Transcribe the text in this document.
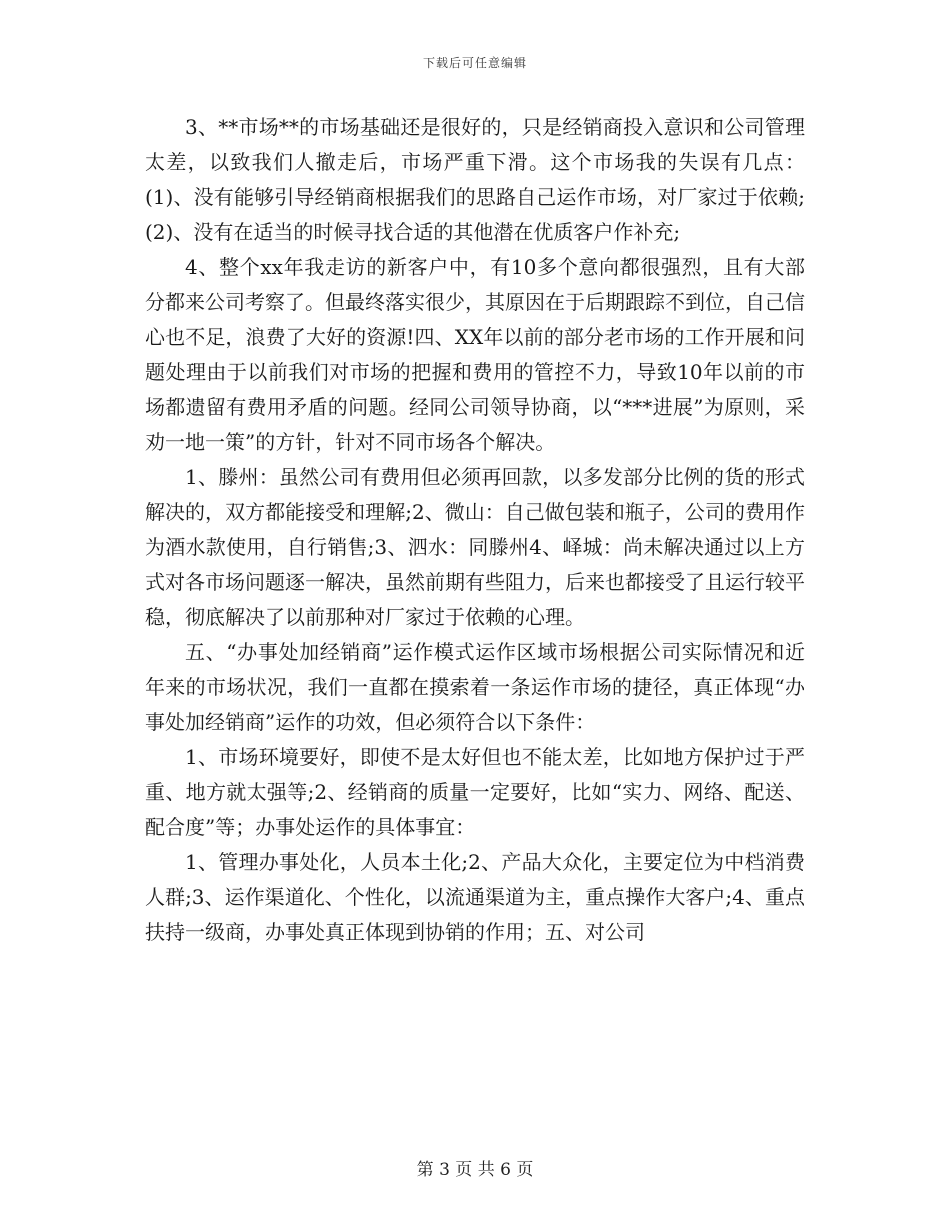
下载后可任意编辑

3、**市场**的市场基础还是很好的，只是经销商投入意识和公司管理太差，以致我们人撤走后，市场严重下滑。这个市场我的失误有几点：(1)、没有能够引导经销商根据我们的思路自己运作市场，对厂家过于依赖;(2)、没有在适当的时候寻找合适的其他潜在优质客户作补充;

4、整个xx年我走访的新客户中，有10多个意向都很强烈，且有大部分都来公司考察了。但最终落实很少，其原因在于后期跟踪不到位，自己信心也不足，浪费了大好的资源!四、XX年以前的部分老市场的工作开展和问题处理由于以前我们对市场的把握和费用的管控不力，导致10年以前的市场都遗留有费用矛盾的问题。经同公司领导协商，以“***进展”为原则，采劝一地一策”的方针，针对不同市场各个解决。

1、滕州：虽然公司有费用但必须再回款，以多发部分比例的货的形式解决的，双方都能接受和理解;2、微山：自己做包装和瓶子，公司的费用作为酒水款使用，自行销售;3、泗水：同滕州4、峄城：尚未解决通过以上方式对各市场问题逐一解决，虽然前期有些阻力，后来也都接受了且运行较平稳，彻底解决了以前那种对厂家过于依赖的心理。

五、“办事处加经销商”运作模式运作区域市场根据公司实际情况和近年来的市场状况，我们一直都在摸索着一条运作市场的捷径，真正体现“办事处加经销商”运作的功效，但必须符合以下条件：

1、市场环境要好，即使不是太好但也不能太差，比如地方保护过于严重、地方就太强等;2、经销商的质量一定要好，比如“实力、网络、配送、配合度”等；办事处运作的具体事宜：

1、管理办事处化，人员本土化;2、产品大众化，主要定位为中档消费人群;3、运作渠道化、个性化，以流通渠道为主，重点操作大客户;4、重点扶持一级商，办事处真正体现到协销的作用；五、对公司

第 3 页 共 6 页
